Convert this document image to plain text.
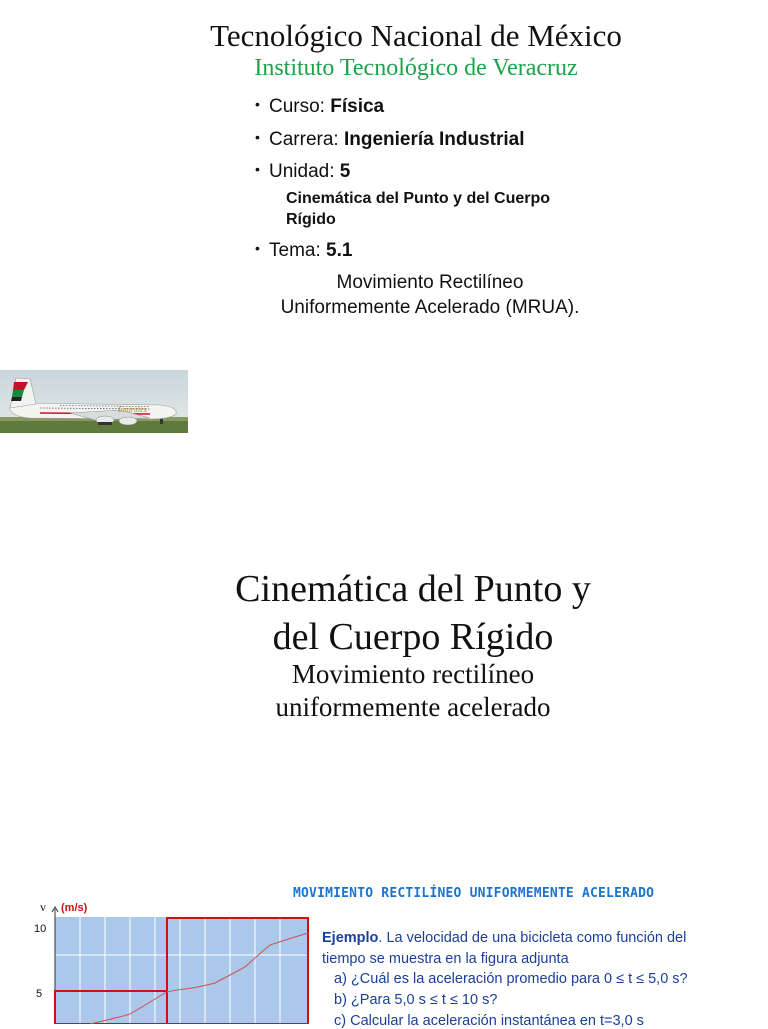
Tecnológico Nacional de México
Instituto Tecnológico de Veracruz
• Curso: Física
• Carrera: Ingeniería Industrial
• Unidad: 5
Cinemática del Punto y del Cuerpo
Rígido
• Tema: 5.1
Movimiento Rectilíneo
Uniformemente Acelerado (MRUA).
Emirates
Cinemática del Punto y
del Cuerpo Rígido
Movimiento rectilíneo
uniformemente acelerado
MOVIMIENTO RECTILÍNEO UNIFORMEMENTE ACELERADO
Ejemplo. La velocidad de una bicicleta como función del
tiempo se muestra en la figura adjunta
a) ¿Cuál es la aceleración promedio para 0 ≤ t ≤ 5,0 s?
b) ¿Para 5,0 s ≤ t ≤ 10 s?
c) Calcular la aceleración instantánea en t=3,0 s
v (m/s)
10
5
